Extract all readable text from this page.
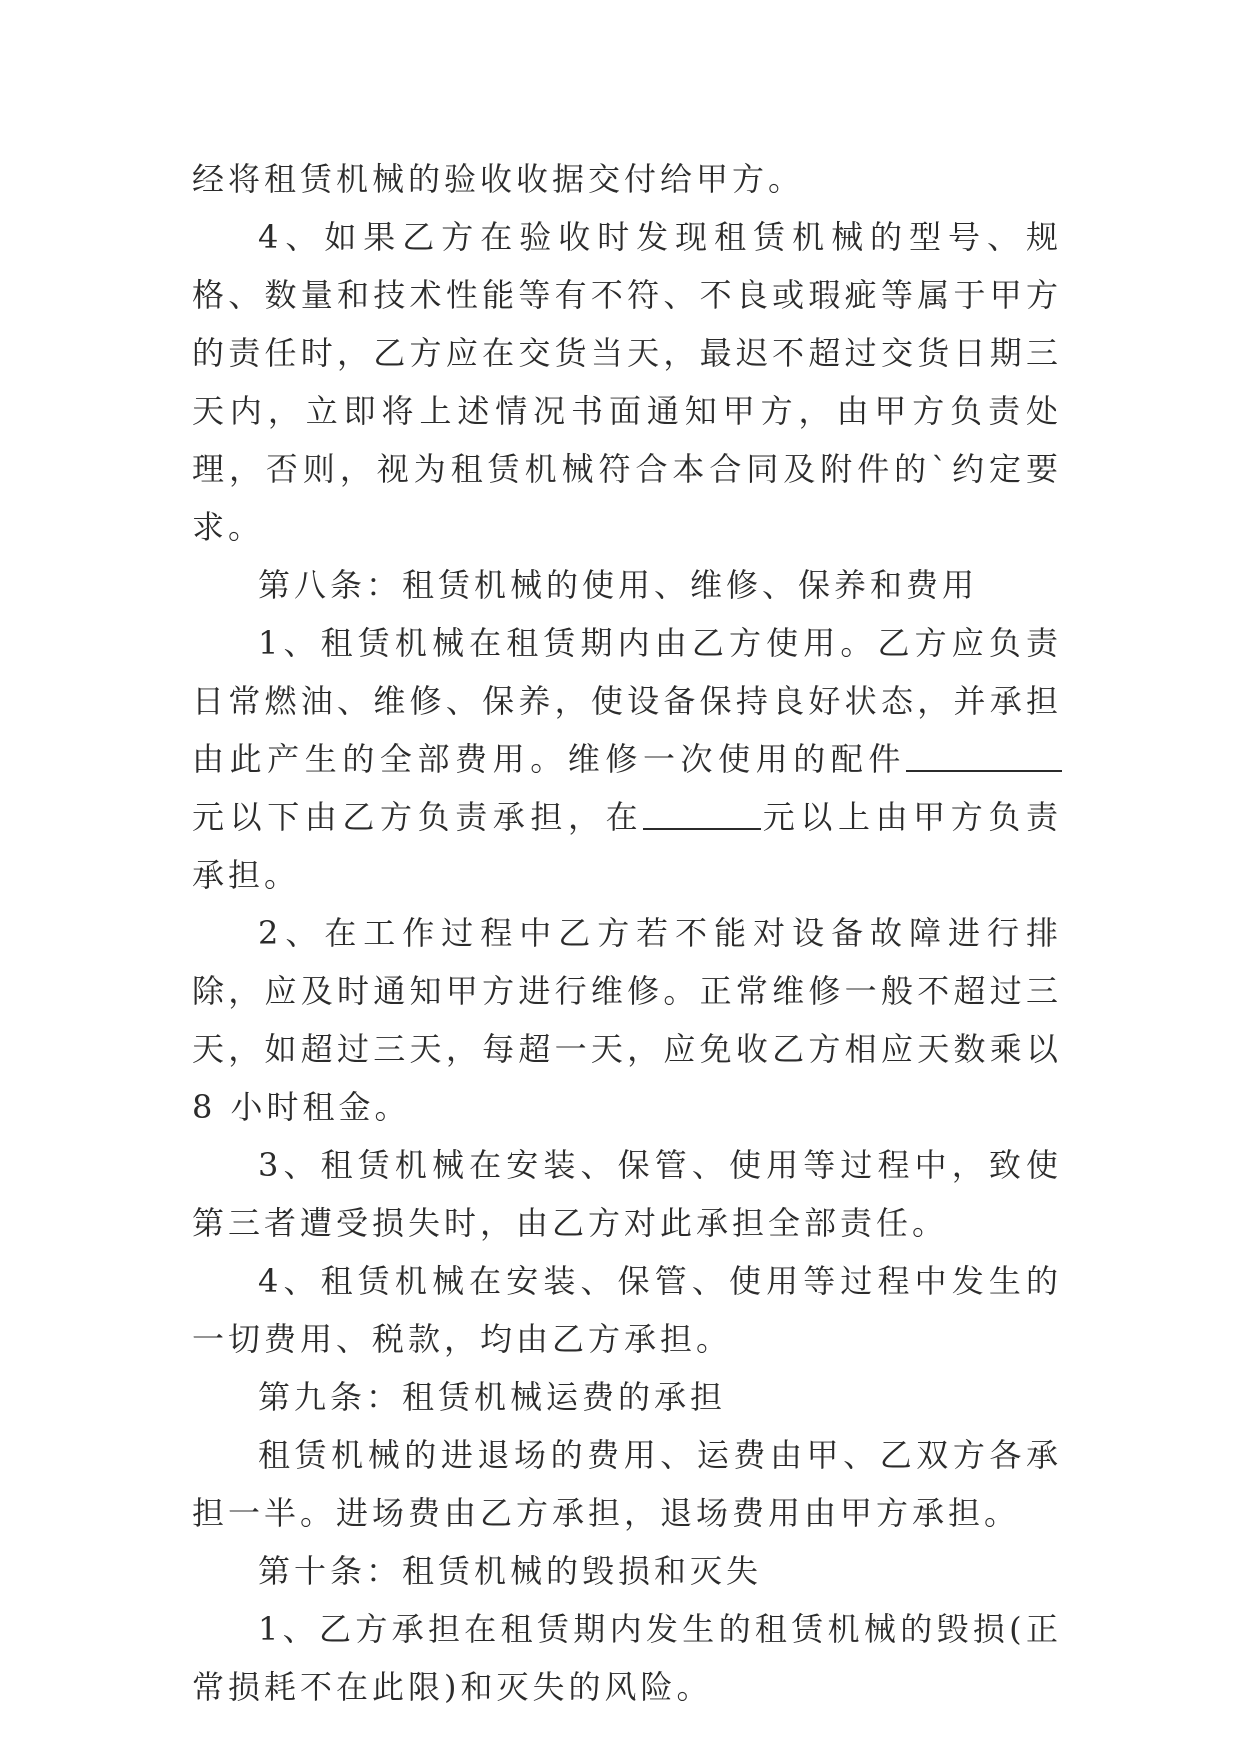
经将租赁机械的验收收据交付给甲方。

4、如果乙方在验收时发现租赁机械的型号、规格、数量和技术性能等有不符、不良或瑕疵等属于甲方的责任时，乙方应在交货当天，最迟不超过交货日期三天内，立即将上述情况书面通知甲方，由甲方负责处理，否则，视为租赁机械符合本合同及附件的`约定要求。

第八条：租赁机械的使用、维修、保养和费用

1、租赁机械在租赁期内由乙方使用。乙方应负责日常燃油、维修、保养，使设备保持良好状态，并承担由此产生的全部费用。维修一次使用的配件元以下由乙方负责承担，在	元以上由甲方负责承担。

2、在工作过程中乙方若不能对设备故障进行排除，应及时通知甲方进行维修。正常维修一般不超过三天，如超过三天，每超一天，应免收乙方相应天数乘以 8 小时租金。

3、租赁机械在安装、保管、使用等过程中，致使第三者遭受损失时，由乙方对此承担全部责任。

4、租赁机械在安装、保管、使用等过程中发生的一切费用、税款，均由乙方承担。

第九条：租赁机械运费的承担

租赁机械的进退场的费用、运费由甲、乙双方各承担一半。进场费由乙方承担，退场费用由甲方承担。

第十条：租赁机械的毁损和灭失

1、乙方承担在租赁期内发生的租赁机械的毁损(正常损耗不在此限)和灭失的风险。
